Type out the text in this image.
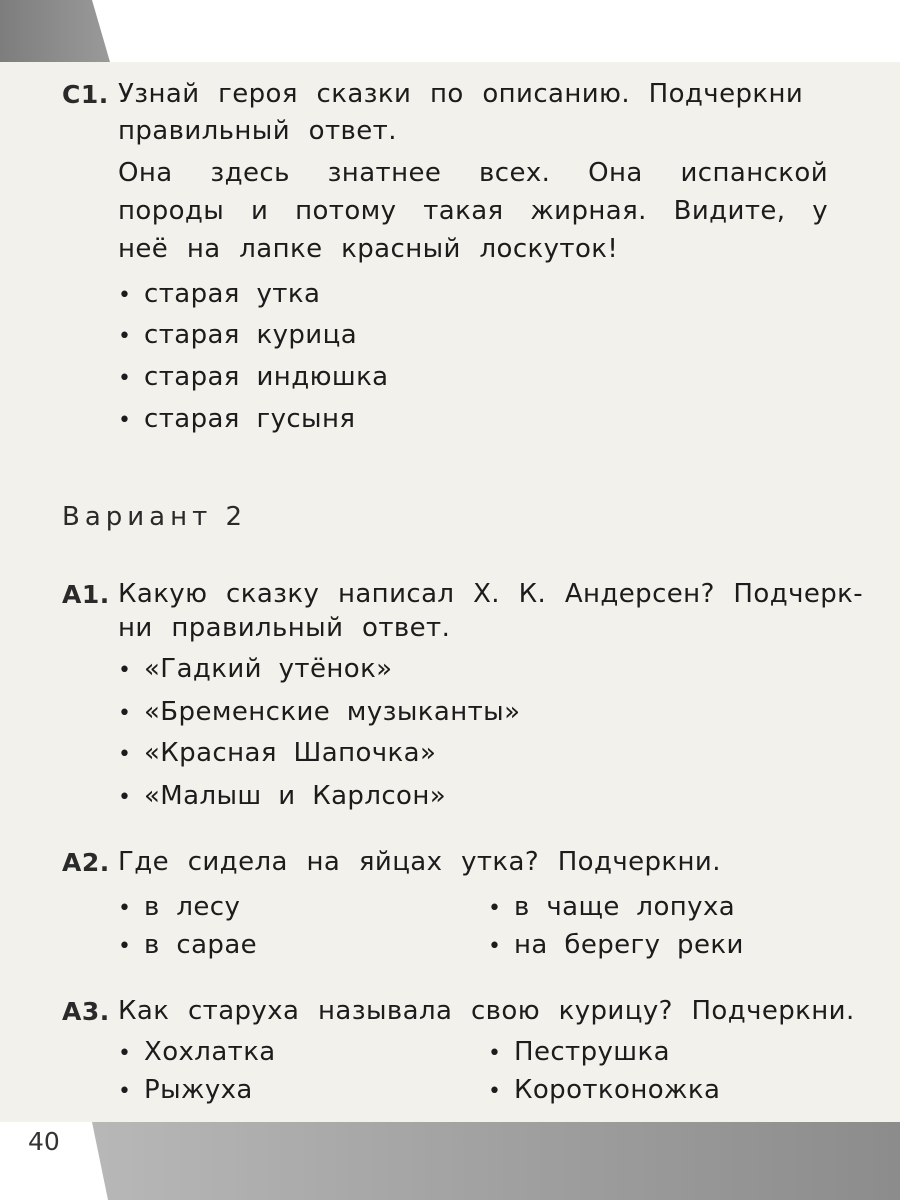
С1. Узнай героя сказки по описанию. Подчеркни
правильный ответ.

Она здесь знатнее всех. Она испанской породы и потому такая жирная. Видите, у неё на лапке красный лоскуток!

• старая утка
• старая курица
• старая индюшка
• старая гусыня
Вариант 2
А1. Какую сказку написал Х. К. Андерсен? Подчерк-
ни правильный ответ.
• «Гадкий утёнок»
• «Бременские музыканты»
• «Красная Шапочка»
• «Малыш и Карлсон»
А2. Где сидела на яйцах утка? Подчеркни.
• в лесу
• в сарае
• в чаще лопуха
• на берегу реки
А3. Как старуха называла свою курицу? Подчеркни.
• Хохлатка
• Рыжуха
• Пеструшка
• Коротконожка
40
